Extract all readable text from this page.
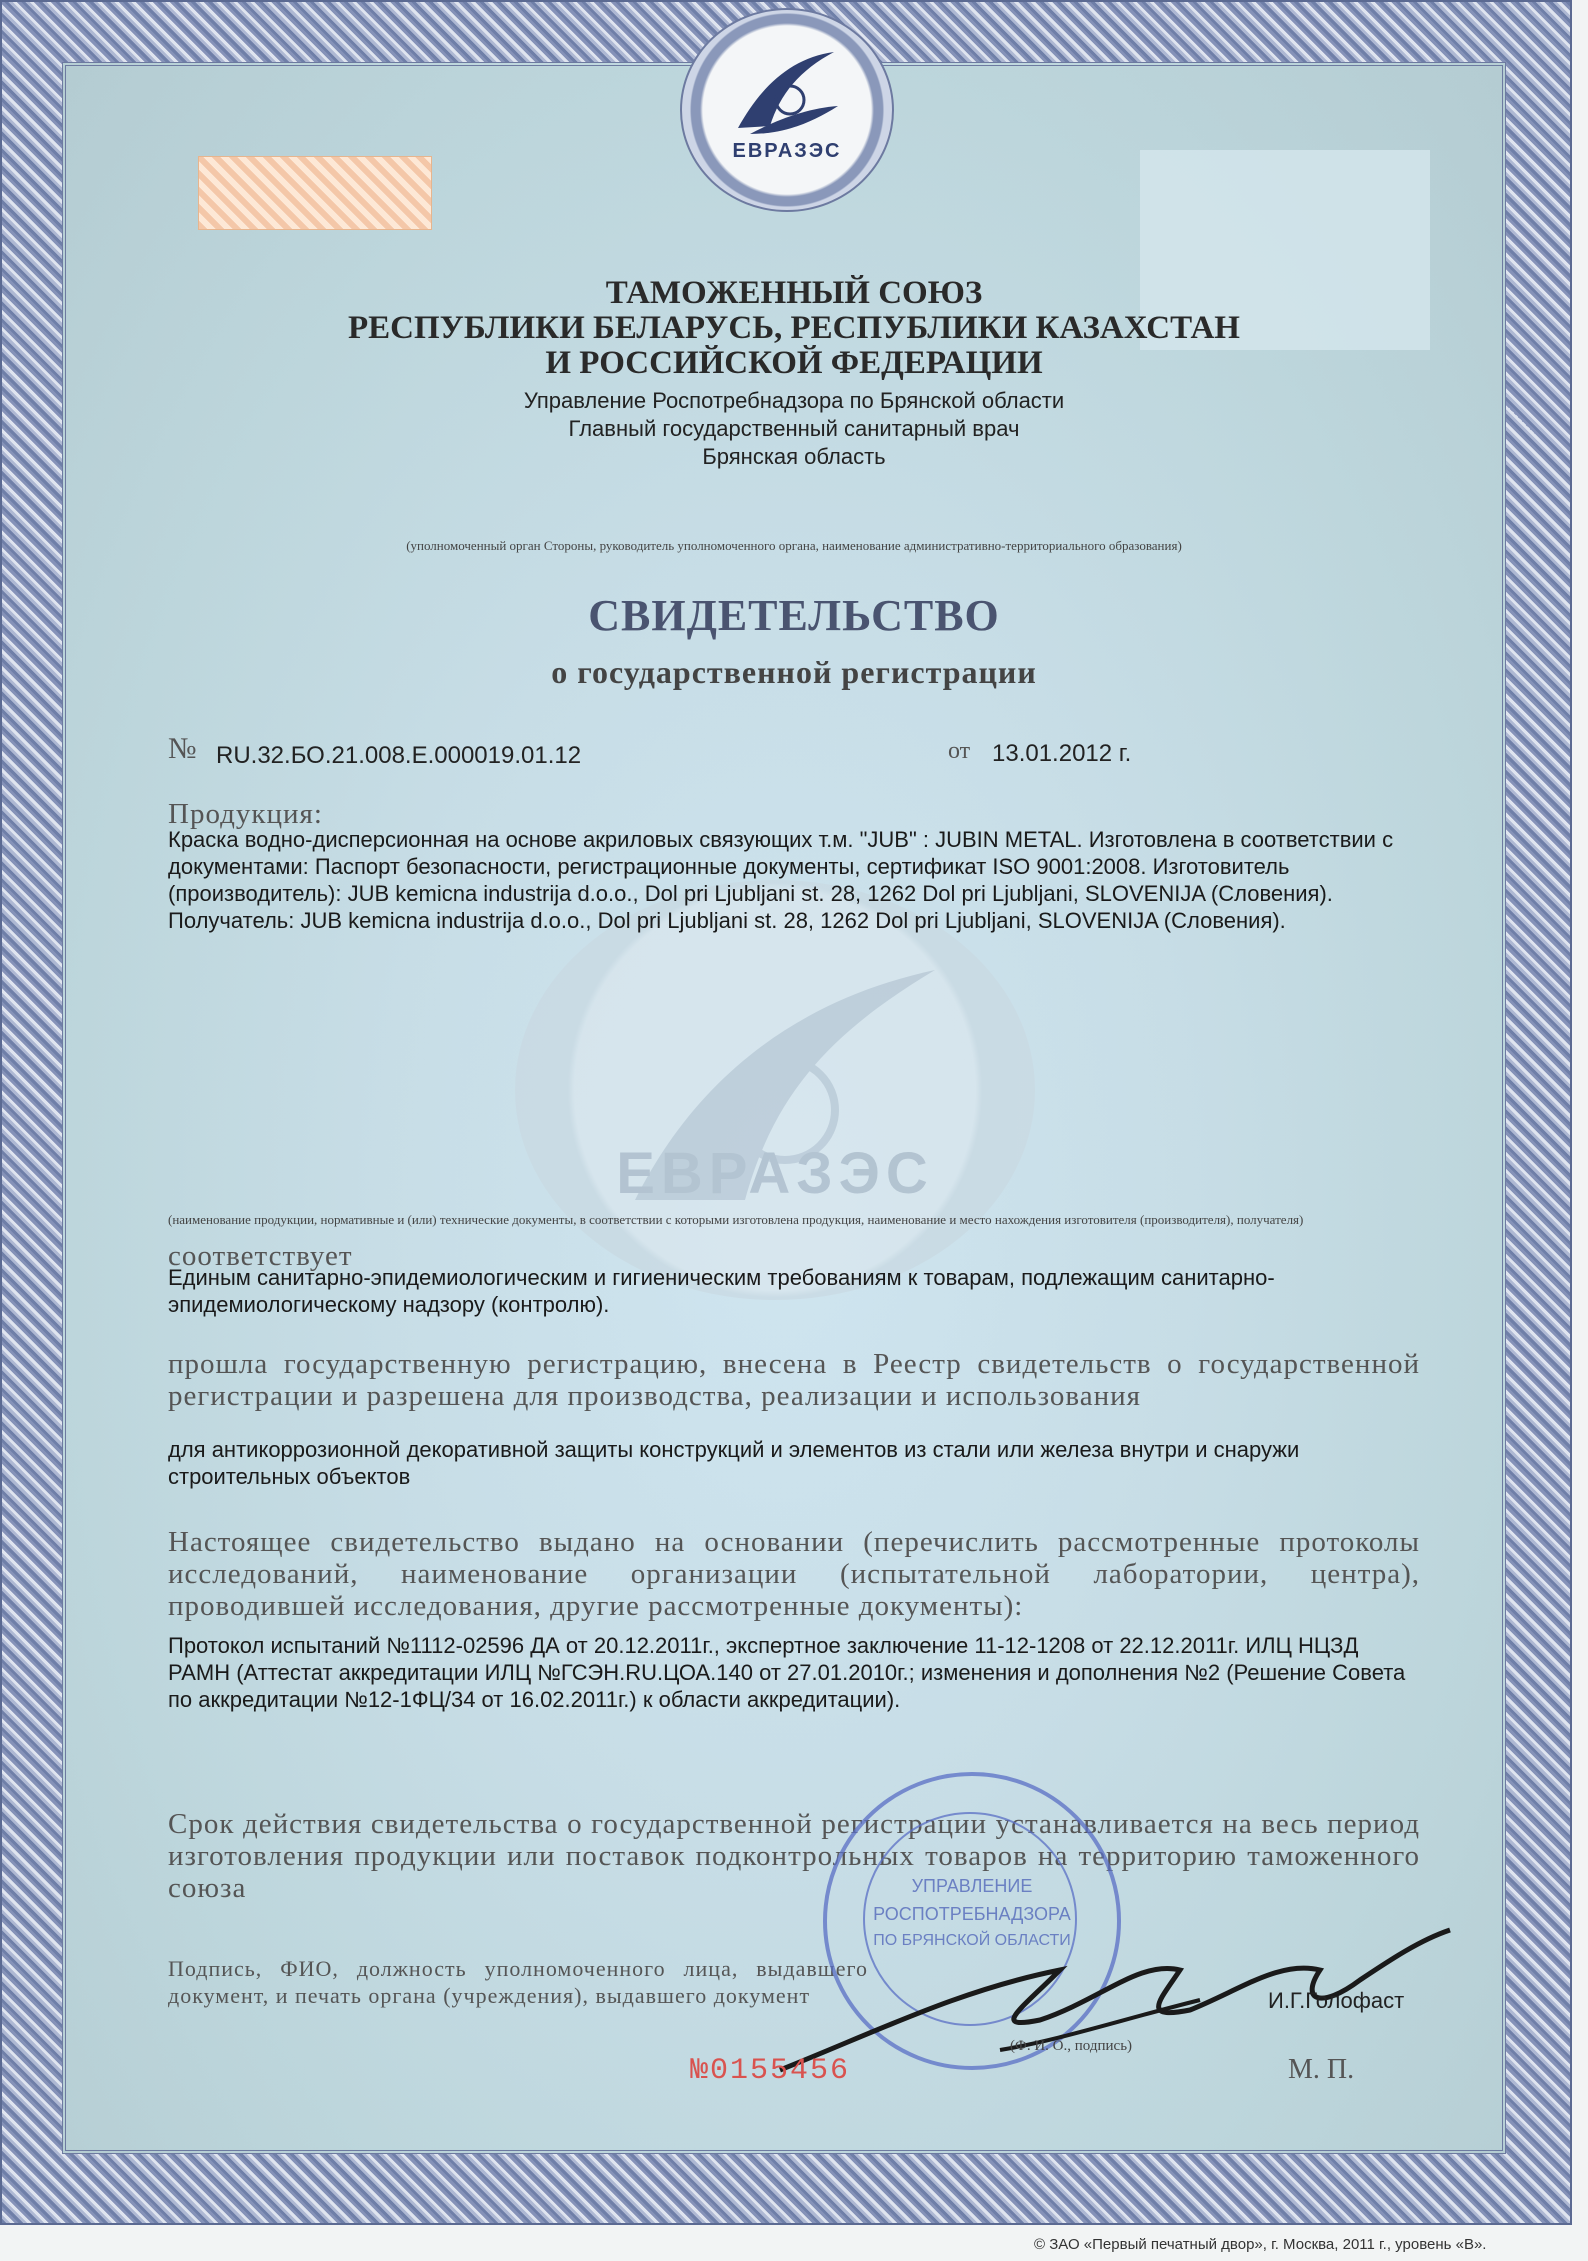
ЕВРАЗЭС
ЕВРАЗЭС
ТАМОЖЕННЫЙ СОЮЗ
РЕСПУБЛИКИ БЕЛАРУСЬ, РЕСПУБЛИКИ КАЗАХСТАН
И РОССИЙСКОЙ ФЕДЕРАЦИИ
Управление Роспотребнадзора по Брянской области
Главный государственный санитарный врач
Брянская область
(уполномоченный орган Стороны, руководитель уполномоченного органа, наименование административно-территориального образования)
СВИДЕТЕЛЬСТВО
о государственной регистрации
№ RU.32.БО.21.008.Е.000019.01.12	от 13.01.2012 г.
Продукция:
Краска водно-дисперсионная на основе акриловых связующих т.м. "JUB" : JUBIN METAL. Изготовлена в соответствии с документами: Паспорт безопасности, регистрационные документы, сертификат ISO 9001:2008. Изготовитель (производитель): JUB kemicna industrija d.o.o., Dol pri Ljubljani st. 28, 1262 Dol pri Ljubljani, SLOVENIJA (Словения). Получатель: JUB kemicna industrija d.o.o., Dol pri Ljubljani st. 28, 1262 Dol pri Ljubljani, SLOVENIJA (Словения).
(наименование продукции, нормативные и (или) технические документы, в соответствии с которыми изготовлена продукция, наименование и место нахождения изготовителя (производителя), получателя)
соответствует
Единым санитарно-эпидемиологическим и гигиеническим требованиям к товарам, подлежащим санитарно-эпидемиологическому надзору (контролю).
прошла государственную регистрацию, внесена в Реестр свидетельств о государственной регистрации и разрешена для производства, реализации и использования
для антикоррозионной декоративной защиты конструкций и элементов из стали или железа внутри и снаружи строительных объектов
Настоящее свидетельство выдано на основании (перечислить рассмотренные протоколы исследований, наименование организации (испытательной лаборатории, центра), проводившей исследования, другие рассмотренные документы):
Протокол испытаний №1112-02596 ДА от 20.12.2011г., экспертное заключение 11-12-1208 от 22.12.2011г. ИЛЦ НЦЗД РАМН (Аттестат аккредитации ИЛЦ №ГСЭН.RU.ЦОА.140 от 27.01.2010г.; изменения и дополнения №2 (Решение Совета по аккредитации №12-1ФЦ/34 от 16.02.2011г.) к области аккредитации).
Срок действия свидетельства о государственной регистрации устанавливается на весь период изготовления продукции или поставок подконтрольных товаров на территорию таможенного союза
Подпись, ФИО, должность уполномоченного лица, выдавшего документ, и печать органа (учреждения), выдавшего документ
УПРАВЛЕНИЕ
РОСПОТРЕБНАДЗОРА
ПО БРЯНСКОЙ ОБЛАСТИ
И.Г.Голофаст
(Ф. И. О., подпись)
М. П.
№0155456
© ЗАО «Первый печатный двор», г. Москва, 2011 г., уровень «В».
